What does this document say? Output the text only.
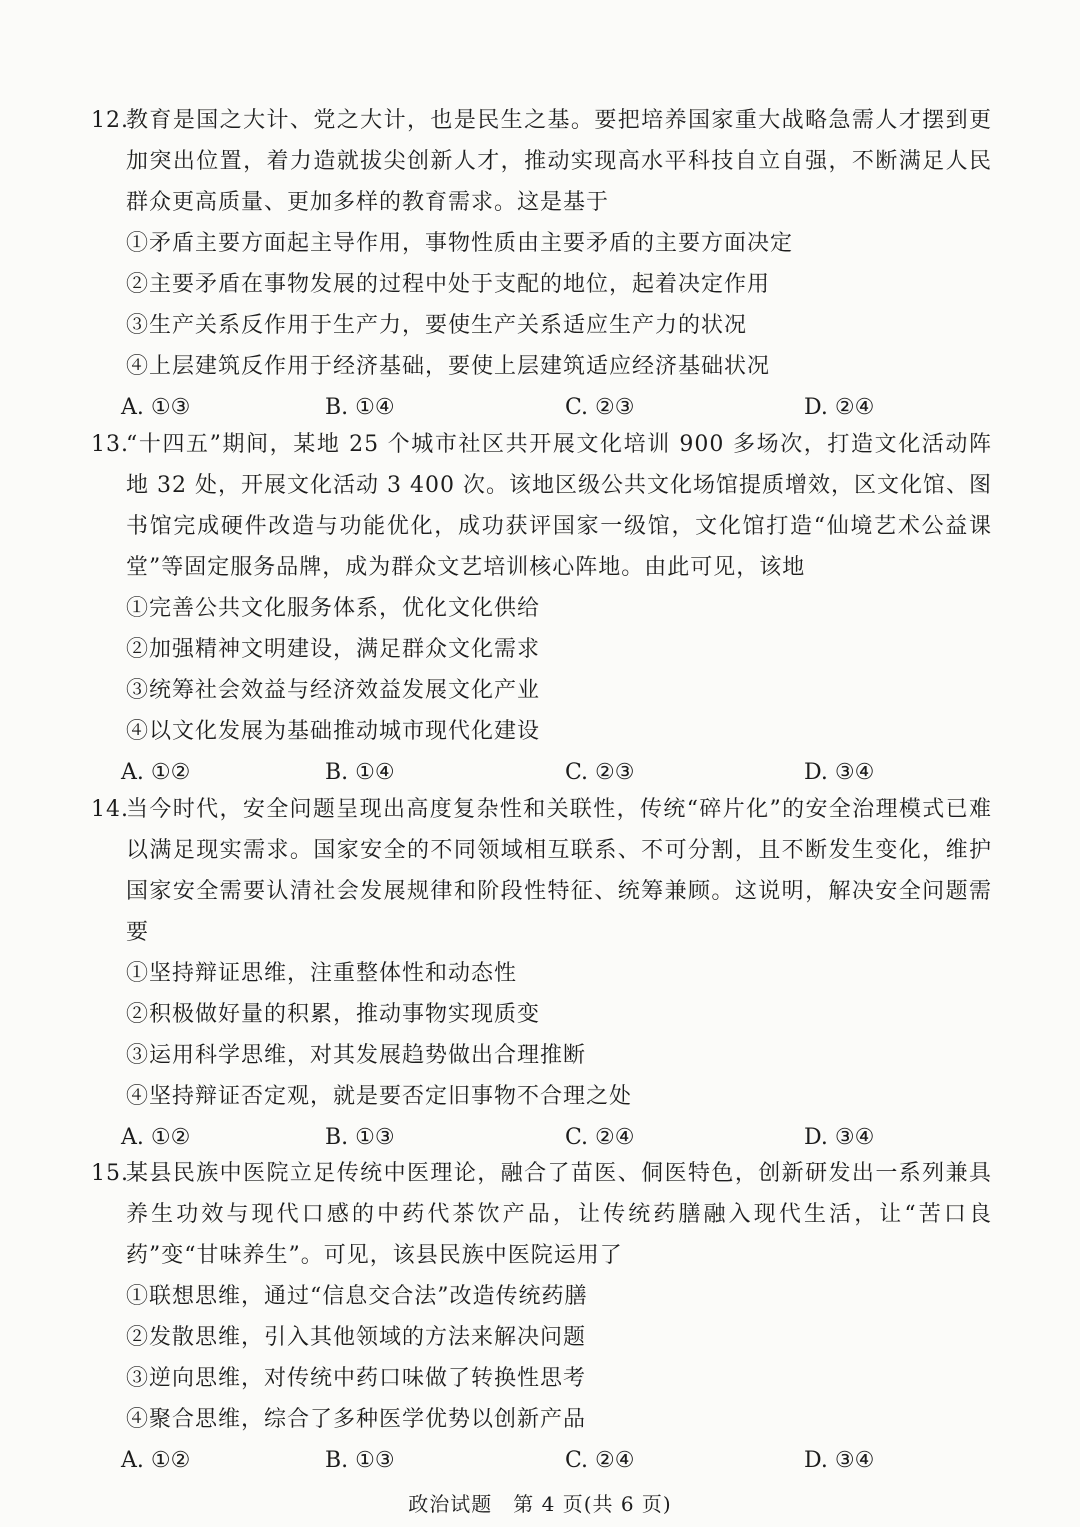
12.
教育是国之大计、党之大计，也是民生之基。要把培养国家重大战略急需人才摆到更加突出位置，着力造就拔尖创新人才，推动实现高水平科技自立自强，不断满足人民群众更高质量、更加多样的教育需求。这是基于
①矛盾主要方面起主导作用，事物性质由主要矛盾的主要方面决定
②主要矛盾在事物发展的过程中处于支配的地位，起着决定作用
③生产关系反作用于生产力，要使生产关系适应生产力的状况
④上层建筑反作用于经济基础，要使上层建筑适应经济基础状况
A. ①③	B. ①④	C. ②③	D. ②④
13.
“十四五”期间，某地 25 个城市社区共开展文化培训 900 多场次，打造文化活动阵地 32 处，开展文化活动 3 400 次。该地区级公共文化场馆提质增效，区文化馆、图书馆完成硬件改造与功能优化，成功获评国家一级馆，文化馆打造“仙境艺术公益课堂”等固定服务品牌，成为群众文艺培训核心阵地。由此可见，该地
①完善公共文化服务体系，优化文化供给
②加强精神文明建设，满足群众文化需求
③统筹社会效益与经济效益发展文化产业
④以文化发展为基础推动城市现代化建设
A. ①②	B. ①④	C. ②③	D. ③④
14.
当今时代，安全问题呈现出高度复杂性和关联性，传统“碎片化”的安全治理模式已难以满足现实需求。国家安全的不同领域相互联系、不可分割，且不断发生变化，维护国家安全需要认清社会发展规律和阶段性特征、统筹兼顾。这说明，解决安全问题需要
①坚持辩证思维，注重整体性和动态性
②积极做好量的积累，推动事物实现质变
③运用科学思维，对其发展趋势做出合理推断
④坚持辩证否定观，就是要否定旧事物不合理之处
A. ①②	B. ①③	C. ②④	D. ③④
15.
某县民族中医院立足传统中医理论，融合了苗医、侗医特色，创新研发出一系列兼具养生功效与现代口感的中药代茶饮产品，让传统药膳融入现代生活，让“苦口良药”变“甘味养生”。可见，该县民族中医院运用了
①联想思维，通过“信息交合法”改造传统药膳
②发散思维，引入其他领域的方法来解决问题
③逆向思维，对传统中药口味做了转换性思考
④聚合思维，综合了多种医学优势以创新产品
A. ①②	B. ①③	C. ②④	D. ③④
政治试题　第 4 页(共 6 页)
